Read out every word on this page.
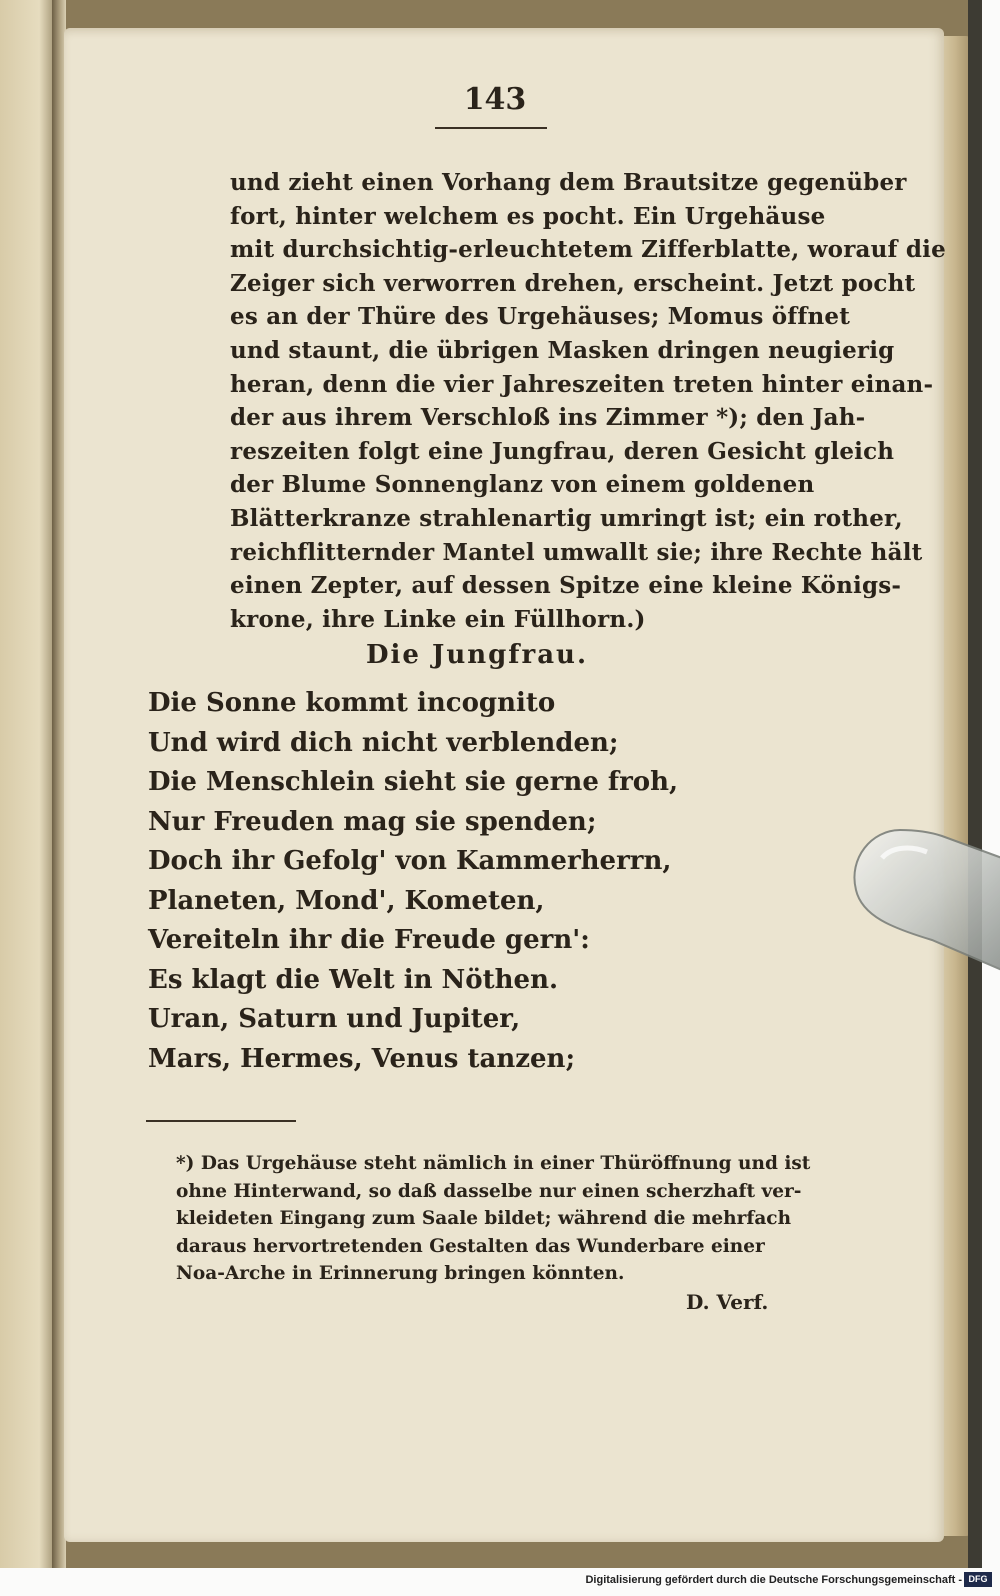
143
und zieht einen Vorhang dem Brautsitze gegenüber
fort, hinter welchem es pocht. Ein Urgehäuse
mit durchsichtig-erleuchtetem Zifferblatte, worauf die
Zeiger sich verworren drehen, erscheint. Jetzt pocht
es an der Thüre des Urgehäuses; Momus öffnet
und staunt, die übrigen Masken dringen neugierig
heran, denn die vier Jahreszeiten treten hinter einan-
der aus ihrem Verschloß ins Zimmer *); den Jah-
reszeiten folgt eine Jungfrau, deren Gesicht gleich
der Blume Sonnenglanz von einem goldenen
Blätterkranze strahlenartig umringt ist; ein rother,
reichflitternder Mantel umwallt sie; ihre Rechte hält
einen Zepter, auf dessen Spitze eine kleine Königs-
krone, ihre Linke ein Füllhorn.)
Die Jungfrau.
Die Sonne kommt incognito
Und wird dich nicht verblenden;
Die Menschlein sieht sie gerne froh,
Nur Freuden mag sie spenden;
Doch ihr Gefolg' von Kammerherrn,
Planeten, Mond', Kometen,
Vereiteln ihr die Freude gern':
Es klagt die Welt in Nöthen.
Uran, Saturn und Jupiter,
Mars, Hermes, Venus tanzen;
*) Das Urgehäuse steht nämlich in einer Thüröffnung und ist
ohne Hinterwand, so daß dasselbe nur einen scherzhaft ver-
kleideten Eingang zum Saale bildet; während die mehrfach
daraus hervortretenden Gestalten das Wunderbare einer
Noa-Arche in Erinnerung bringen könnten.
D. Verf.
Digitalisierung gefördert durch die Deutsche Forschungsgemeinschaft - DFG
